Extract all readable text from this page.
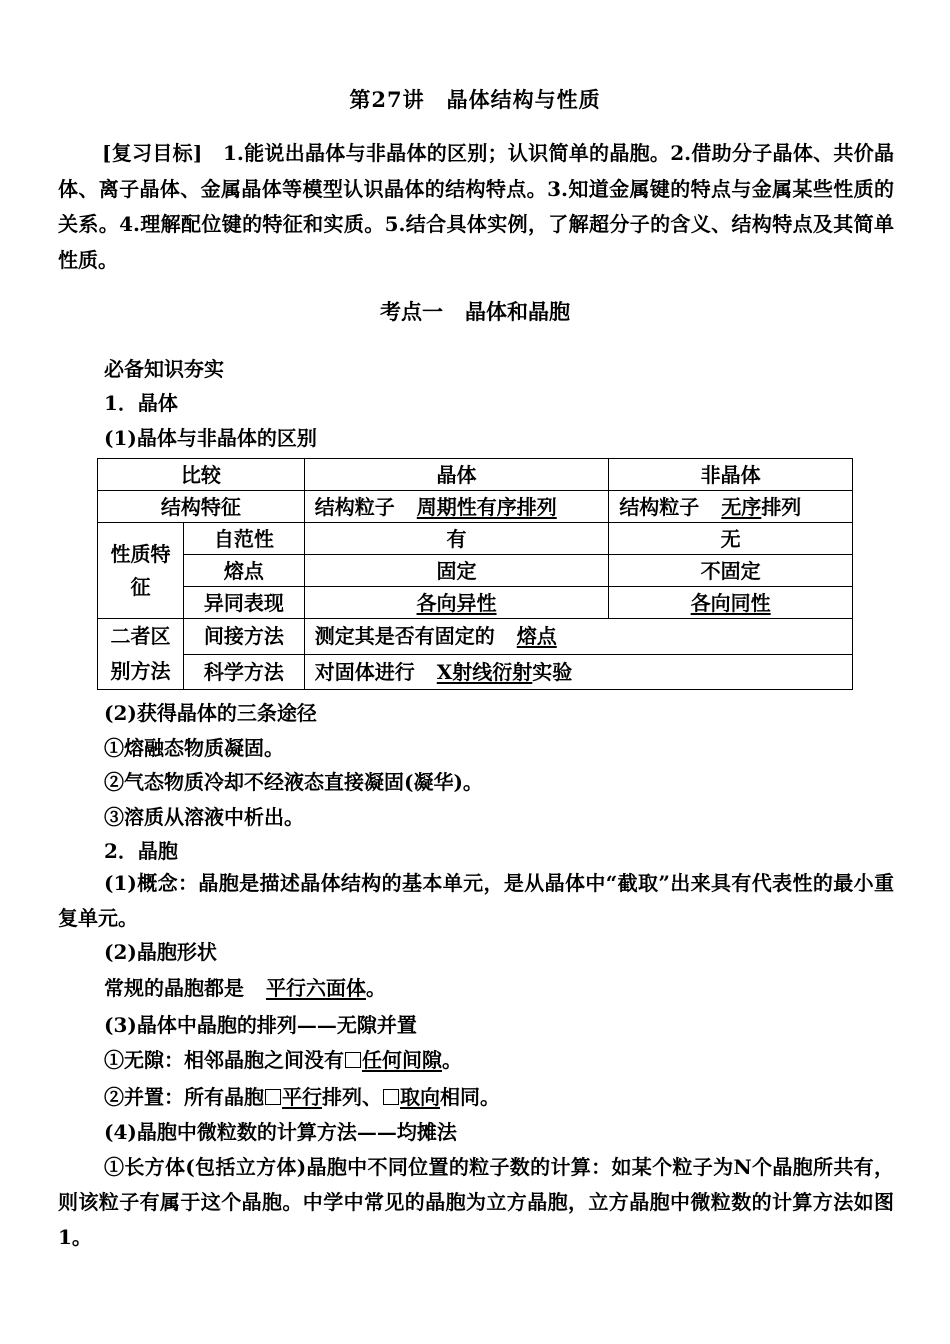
第27讲 晶体结构与性质
[复习目标]　1.能说出晶体与非晶体的区别；认识简单的晶胞。2.借助分子晶体、共价晶体、离子晶体、金属晶体等模型认识晶体的结构特点。3.知道金属键的特点与金属某些性质的关系。4.理解配位键的特征和实质。5.结合具体实例，了解超分子的含义、结构特点及其简单性质。
考点一 晶体和晶胞
必备知识夯实
1．晶体
(1)晶体与非晶体的区别
比较		晶体	非晶体
结构特征		结构粒子 周期性有序排列	结构粒子 无序排列
性质特征	自范性	有	无
	熔点	固定	不固定
	异同表现	各向异性	各向同性
二者区别方法	间接方法	测定其是否有固定的 熔点	
	科学方法	对固体进行 X射线衍射实验	
(2)获得晶体的三条途径
①熔融态物质凝固。
②气态物质冷却不经液态直接凝固(凝华)。
③溶质从溶液中析出。
2．晶胞
(1)概念：晶胞是描述晶体结构的基本单元，是从晶体中“截取”出来具有代表性的最小重复单元。
(2)晶胞形状
常规的晶胞都是 平行六面体。
(3)晶体中晶胞的排列——无隙并置
①无隙：相邻晶胞之间没有 任何间隙。
②并置：所有晶胞 平行排列、 取向相同。
(4)晶胞中微粒数的计算方法——均摊法
①长方体(包括立方体)晶胞中不同位置的粒子数的计算：如某个粒子为N个晶胞所共有，则该粒子有属于这个晶胞。中学中常见的晶胞为立方晶胞，立方晶胞中微粒数的计算方法如图1。
